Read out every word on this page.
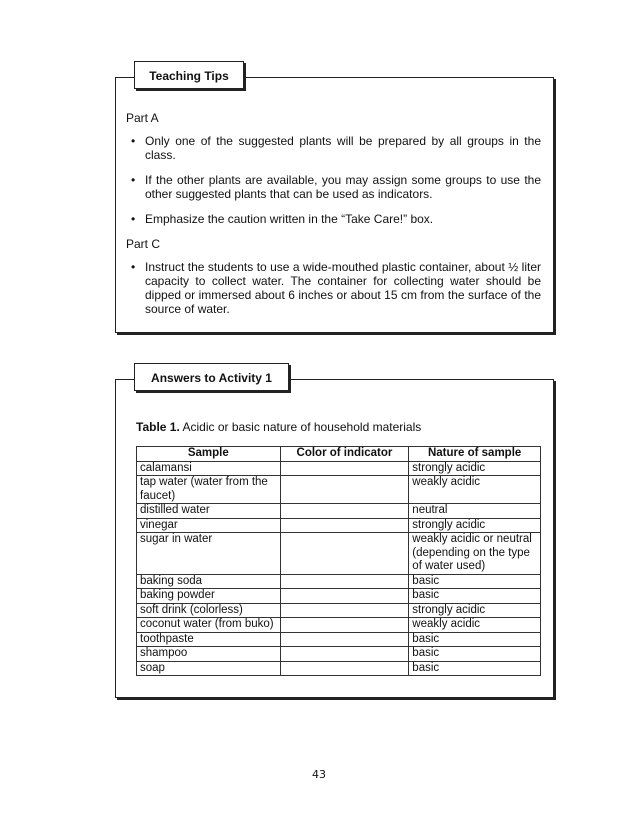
Teaching Tips
Part A
• Only one of the suggested plants will be prepared by all groups in the class.
• If the other plants are available, you may assign some groups to use the other suggested plants that can be used as indicators.
• Emphasize the caution written in the “Take Care!” box.
Part C
• Instruct the students to use a wide-mouthed plastic container, about ½ liter capacity to collect water. The container for collecting water should be dipped or immersed about 6 inches or about 15 cm from the surface of the source of water.
Answers to Activity 1
Table 1. Acidic or basic nature of household materials
Sample	Color of indicator	Nature of sample
calamansi		strongly acidic
tap water (water from the faucet)		weakly acidic
distilled water		neutral
vinegar		strongly acidic
sugar in water		weakly acidic or neutral (depending on the type of water used)
baking soda		basic
baking powder		basic
soft drink (colorless)		strongly acidic
coconut water (from buko)		weakly acidic
toothpaste		basic
shampoo		basic
soap		basic
43
